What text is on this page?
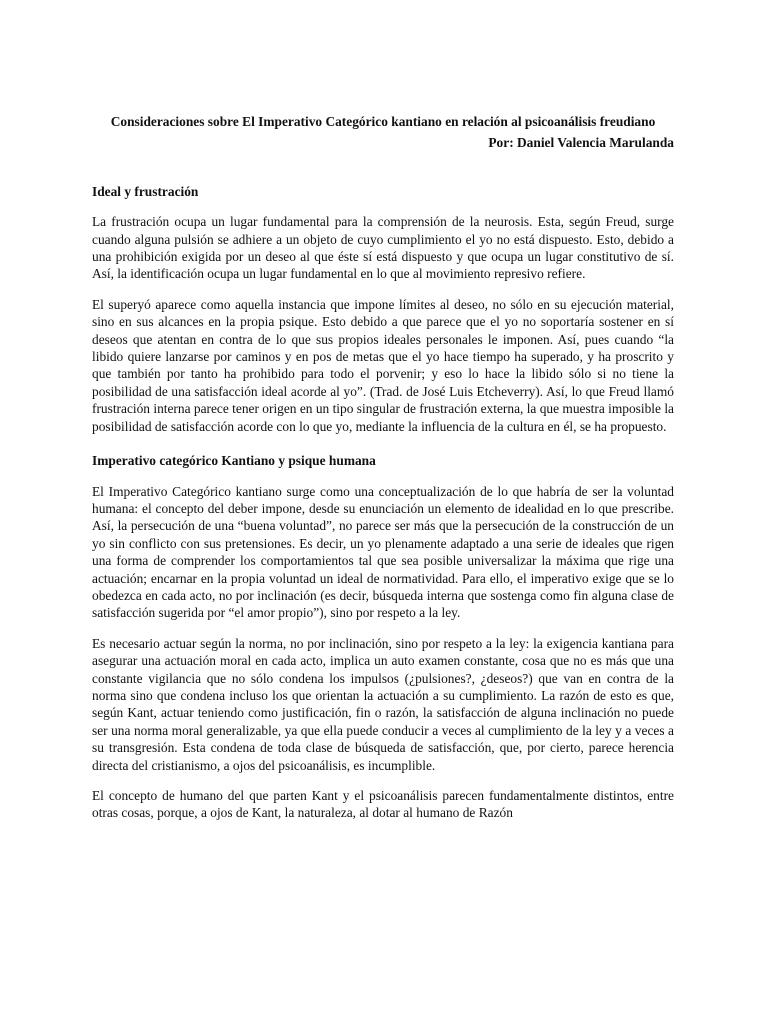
Consideraciones sobre El Imperativo Categórico kantiano en relación al psicoanálisis freudiano

Por: Daniel Valencia Marulanda

Ideal y frustración

La frustración ocupa un lugar fundamental para la comprensión de la neurosis. Esta, según Freud, surge cuando alguna pulsión se adhiere a un objeto de cuyo cumplimiento el yo no está dispuesto. Esto, debido a una prohibición exigida por un deseo al que éste sí está dispuesto y que ocupa un lugar constitutivo de sí. Así, la identificación ocupa un lugar fundamental en lo que al movimiento represivo refiere.

El superyó aparece como aquella instancia que impone límites al deseo, no sólo en su ejecución material, sino en sus alcances en la propia psique. Esto debido a que parece que el yo no soportaría sostener en sí deseos que atentan en contra de lo que sus propios ideales personales le imponen. Así, pues cuando “la libido quiere lanzarse por caminos y en pos de metas que el yo hace tiempo ha superado, y ha proscrito y que también por tanto ha prohibido para todo el porvenir; y eso lo hace la libido sólo si no tiene la posibilidad de una satisfacción ideal acorde al yo”. (Trad. de José Luis Etcheverry). Así, lo que Freud llamó frustración interna parece tener origen en un tipo singular de frustración externa, la que muestra imposible la posibilidad de satisfacción acorde con lo que yo, mediante la influencia de la cultura en él, se ha propuesto.

Imperativo categórico Kantiano y psique humana

El Imperativo Categórico kantiano surge como una conceptualización de lo que habría de ser la voluntad humana: el concepto del deber impone, desde su enunciación un elemento de idealidad en lo que prescribe. Así, la persecución de una “buena voluntad”, no parece ser más que la persecución de la construcción de un yo sin conflicto con sus pretensiones. Es decir, un yo plenamente adaptado a una serie de ideales que rigen una forma de comprender los comportamientos tal que sea posible universalizar la máxima que rige una actuación; encarnar en la propia voluntad un ideal de normatividad. Para ello, el imperativo exige que se lo obedezca en cada acto, no por inclinación (es decir, búsqueda interna que sostenga como fin alguna clase de satisfacción sugerida por “el amor propio”), sino por respeto a la ley.

Es necesario actuar según la norma, no por inclinación, sino por respeto a la ley: la exigencia kantiana para asegurar una actuación moral en cada acto, implica un auto examen constante, cosa que no es más que una constante vigilancia que no sólo condena los impulsos (¿pulsiones?, ¿deseos?) que van en contra de la norma sino que condena incluso los que orientan la actuación a su cumplimiento. La razón de esto es que, según Kant, actuar teniendo como justificación, fin o razón, la satisfacción de alguna inclinación no puede ser una norma moral generalizable, ya que ella puede conducir a veces al cumplimiento de la ley y a veces a su transgresión. Esta condena de toda clase de búsqueda de satisfacción, que, por cierto, parece herencia directa del cristianismo, a ojos del psicoanálisis, es incumplible.

El concepto de humano del que parten Kant y el psicoanálisis parecen fundamentalmente distintos, entre otras cosas, porque, a ojos de Kant, la naturaleza, al dotar al humano de Razón
